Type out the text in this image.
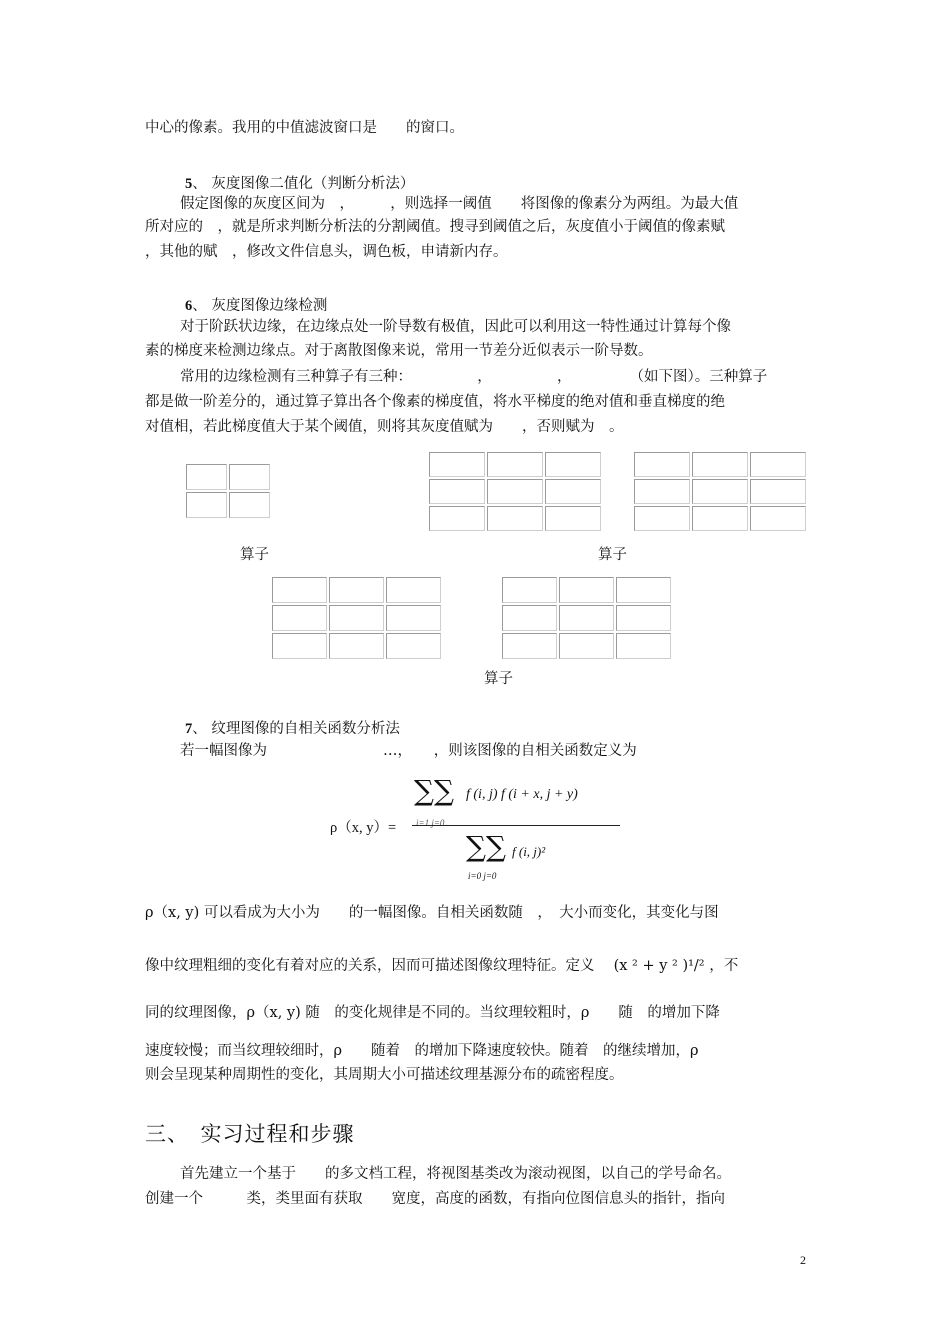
中心的像素。我用的中值滤波窗口是　　的窗口。
5、 灰度图像二值化（判断分析法）
假定图像的灰度区间为　，　　　，则选择一阈值　　将图像的像素分为两组。为最大值
所对应的　，就是所求判断分析法的分割阈值。搜寻到阈值之后，灰度值小于阈值的像素赋
，其他的赋　，修改文件信息头，调色板，申请新内存。
6、 灰度图像边缘检测
对于阶跃状边缘，在边缘点处一阶导数有极值，因此可以利用这一特性通过计算每个像
素的梯度来检测边缘点。对于离散图像来说，常用一节差分近似表示一阶导数。
常用的边缘检测有三种算子有三种：　　　　　，　　　　　，　　　　　（如下图）。三种算子
都是做一阶差分的，通过算子算出各个像素的梯度值，将水平梯度的绝对值和垂直梯度的绝
对值相，若此梯度值大于某个阈值，则将其灰度值赋为　　，否则赋为　。

算子	算子

算子
7、 纹理图像的自相关函数分析法
若一幅图像为　　　　　　　　…，　　，则该图像的自相关函数定义为
∑∑ f (i, j) f (i + x, j + y)
i=1 j=0
ρ（x, y）=
∑∑ f (i, j)²
i=0 j=0
ρ（x, y) 可以看成为大小为　　的一幅图像。自相关函数随　，　大小而变化，其变化与图
像中纹理粗细的变化有着对应的关系，因而可描述图像纹理特征。定义　 (x ² + y ² )¹/² ，不
同的纹理图像，ρ（x, y) 随　的变化规律是不同的。当纹理较粗时，ρ　　随　的增加下降
速度较慢；而当纹理较细时，ρ　　随着　的增加下降速度较快。随着　的继续增加，ρ
则会呈现某种周期性的变化，其周期大小可描述纹理基源分布的疏密程度。
三、　实习过程和步骤
首先建立一个基于　　的多文档工程，将视图基类改为滚动视图，以自己的学号命名。
创建一个　　　类，类里面有获取　　宽度，高度的函数，有指向位图信息头的指针，指向
2
